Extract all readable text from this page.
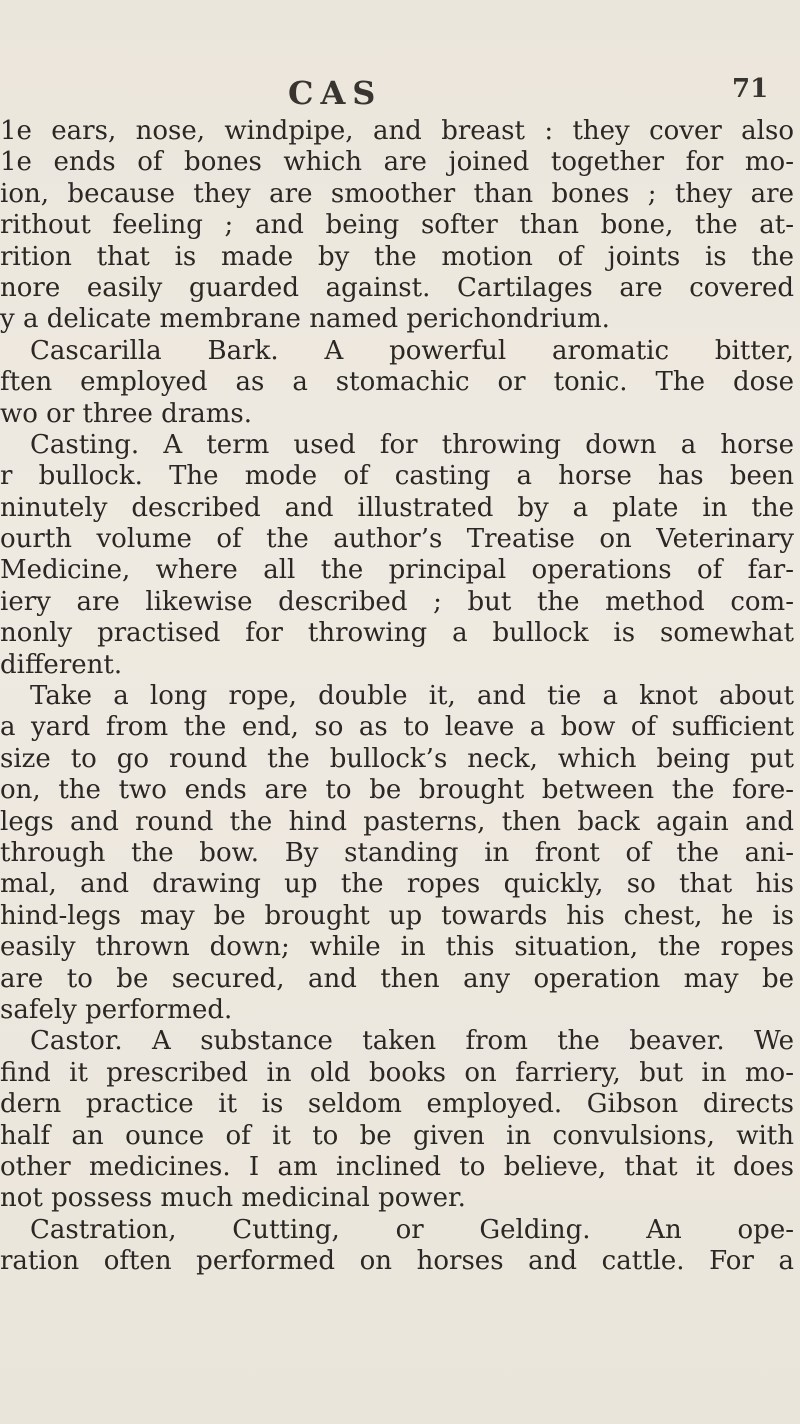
CAS	71
1e ears, nose, windpipe, and breast : they cover also
1e ends of bones which are joined together for mo-
ion, because they are smoother than bones ; they are
rithout feeling ; and being softer than bone, the at-
rition that is made by the motion of joints is the
nore easily guarded against. Cartilages are covered
y a delicate membrane named perichondrium.
Cascarilla Bark. A powerful aromatic bitter,
ften employed as a stomachic or tonic. The dose
wo or three drams.
Casting. A term used for throwing down a horse
r bullock. The mode of casting a horse has been
ninutely described and illustrated by a plate in the
ourth volume of the author’s Treatise on Veterinary
Medicine, where all the principal operations of far-
iery are likewise described ; but the method com-
nonly practised for throwing a bullock is somewhat
different.
Take a long rope, double it, and tie a knot about
a yard from the end, so as to leave a bow of sufficient
size to go round the bullock’s neck, which being put
on, the two ends are to be brought between the fore-
legs and round the hind pasterns, then back again and
through the bow. By standing in front of the ani-
mal, and drawing up the ropes quickly, so that his
hind-legs may be brought up towards his chest, he is
easily thrown down; while in this situation, the ropes
are to be secured, and then any operation may be
safely performed.
Castor. A substance taken from the beaver. We
find it prescribed in old books on farriery, but in mo-
dern practice it is seldom employed. Gibson directs
half an ounce of it to be given in convulsions, with
other medicines. I am inclined to believe, that it does
not possess much medicinal power.
Castration, Cutting, or Gelding. An ope-
ration often performed on horses and cattle. For a
